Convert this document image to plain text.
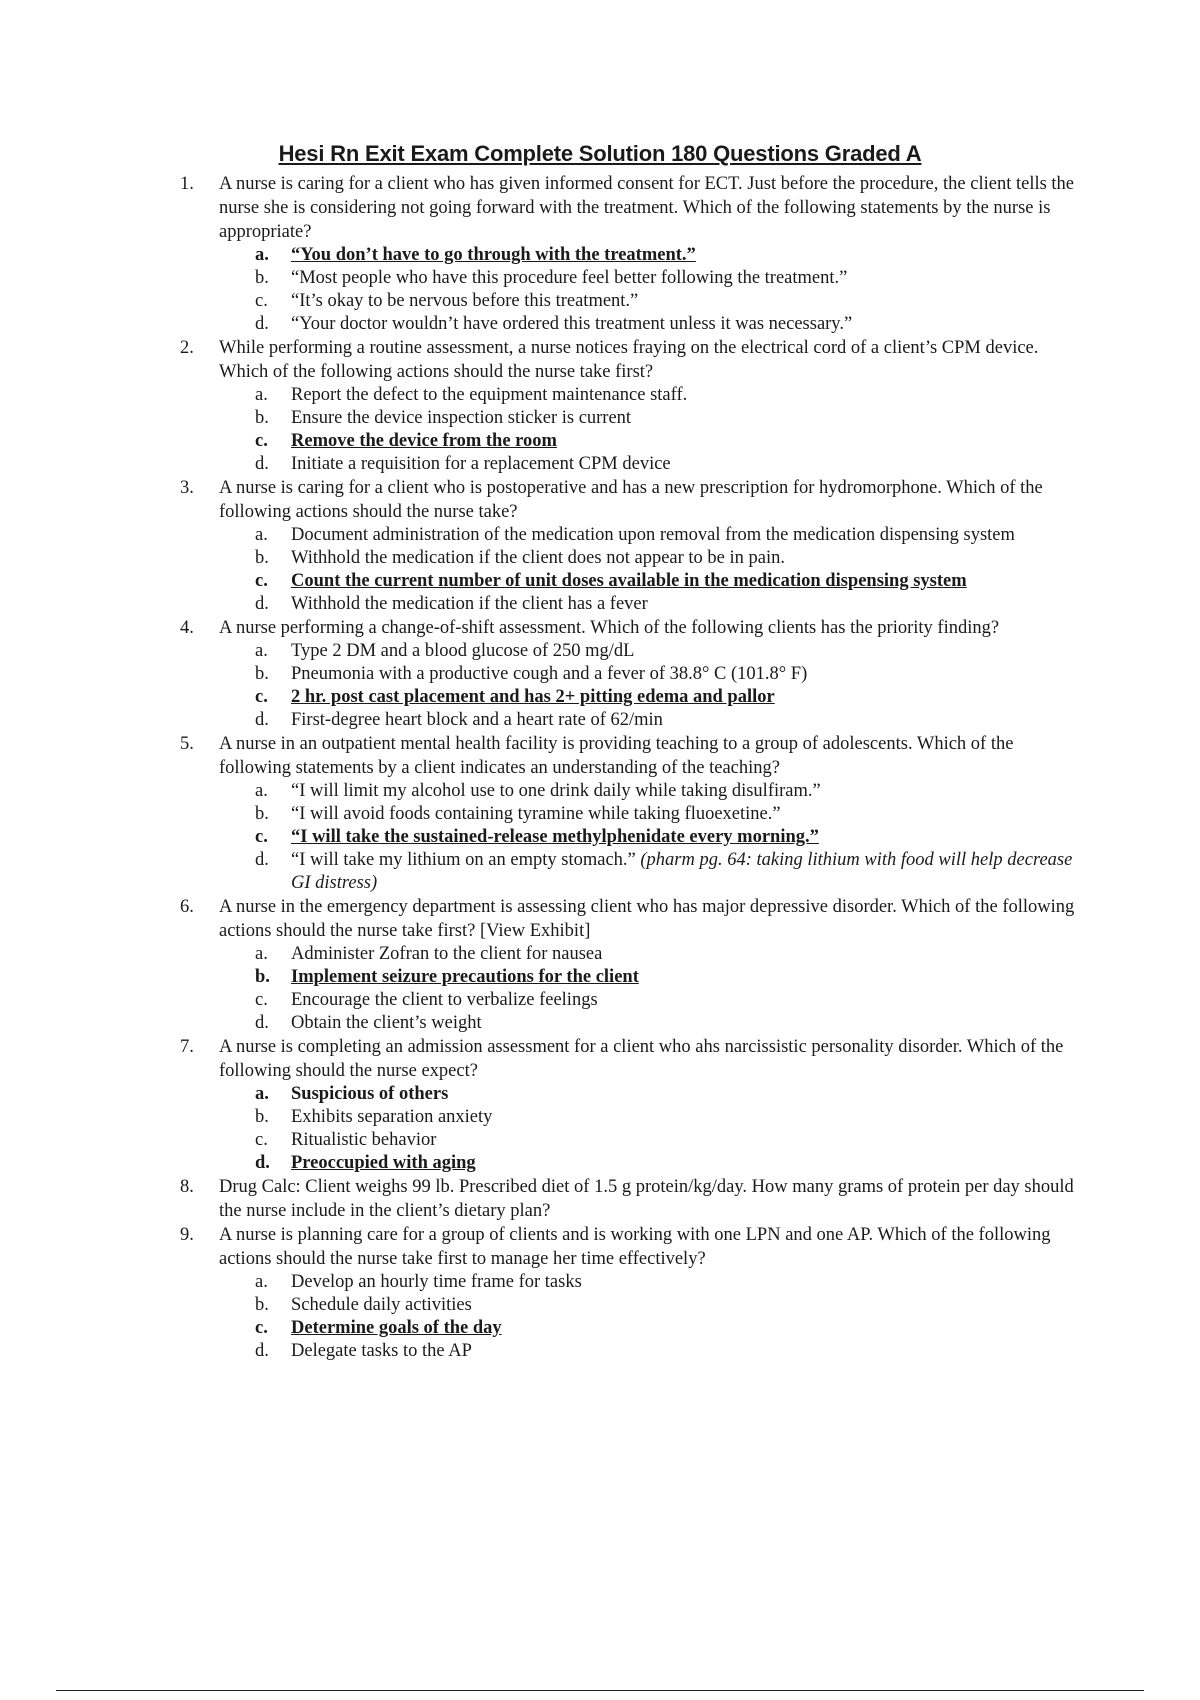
Hesi Rn Exit Exam Complete Solution 180 Questions Graded A
1.	A nurse is caring for a client who has given informed consent for ECT. Just before the procedure, the client tells the nurse she is considering not going forward with the treatment. Which of the following statements by the nurse is appropriate?
a.	“You don’t have to go through with the treatment.”
b.	“Most people who have this procedure feel better following the treatment.”
c.	“It’s okay to be nervous before this treatment.”
d.	“Your doctor wouldn’t have ordered this treatment unless it was necessary.”
2.	While performing a routine assessment, a nurse notices fraying on the electrical cord of a client’s CPM device. Which of the following actions should the nurse take first?
a.	Report the defect to the equipment maintenance staff.
b.	Ensure the device inspection sticker is current
c.	Remove the device from the room
d.	Initiate a requisition for a replacement CPM device
3.	A nurse is caring for a client who is postoperative and has a new prescription for hydromorphone. Which of the following actions should the nurse take?
a.	Document administration of the medication upon removal from the medication dispensing system
b.	Withhold the medication if the client does not appear to be in pain.
c.	Count the current number of unit doses available in the medication dispensing system
d.	Withhold the medication if the client has a fever
4.	A nurse performing a change-of-shift assessment. Which of the following clients has the priority finding?
a.	Type 2 DM and a blood glucose of 250 mg/dL
b.	Pneumonia with a productive cough and a fever of 38.8° C (101.8° F)
c.	2 hr. post cast placement and has 2+ pitting edema and pallor
d.	First-degree heart block and a heart rate of 62/min
5.	A nurse in an outpatient mental health facility is providing teaching to a group of adolescents. Which of the following statements by a client indicates an understanding of the teaching?
a.	“I will limit my alcohol use to one drink daily while taking disulfiram.”
b.	“I will avoid foods containing tyramine while taking fluoexetine.”
c.	“I will take the sustained-release methylphenidate every morning.”
d.	“I will take my lithium on an empty stomach.” (pharm pg. 64: taking lithium with food will help decrease GI distress)
6.	A nurse in the emergency department is assessing client who has major depressive disorder. Which of the following actions should the nurse take first? [View Exhibit]
a.	Administer Zofran to the client for nausea
b. Implement seizure precautions for the client
c.	Encourage the client to verbalize feelings
d.	Obtain the client’s weight
7.	A nurse is completing an admission assessment for a client who ahs narcissistic personality disorder. Which of the following should the nurse expect?
a.	Suspicious of others
b.	Exhibits separation anxiety
c.	Ritualistic behavior
d. Preoccupied with aging
8.	Drug Calc: Client weighs 99 lb. Prescribed diet of 1.5 g protein/kg/day. How many grams of protein per day should the nurse include in the client’s dietary plan?
9.	A nurse is planning care for a group of clients and is working with one LPN and one AP. Which of the following actions should the nurse take first to manage her time effectively?
a.	Develop an hourly time frame for tasks
b.	Schedule daily activities
c.	Determine goals of the day
d.	Delegate tasks to the AP
